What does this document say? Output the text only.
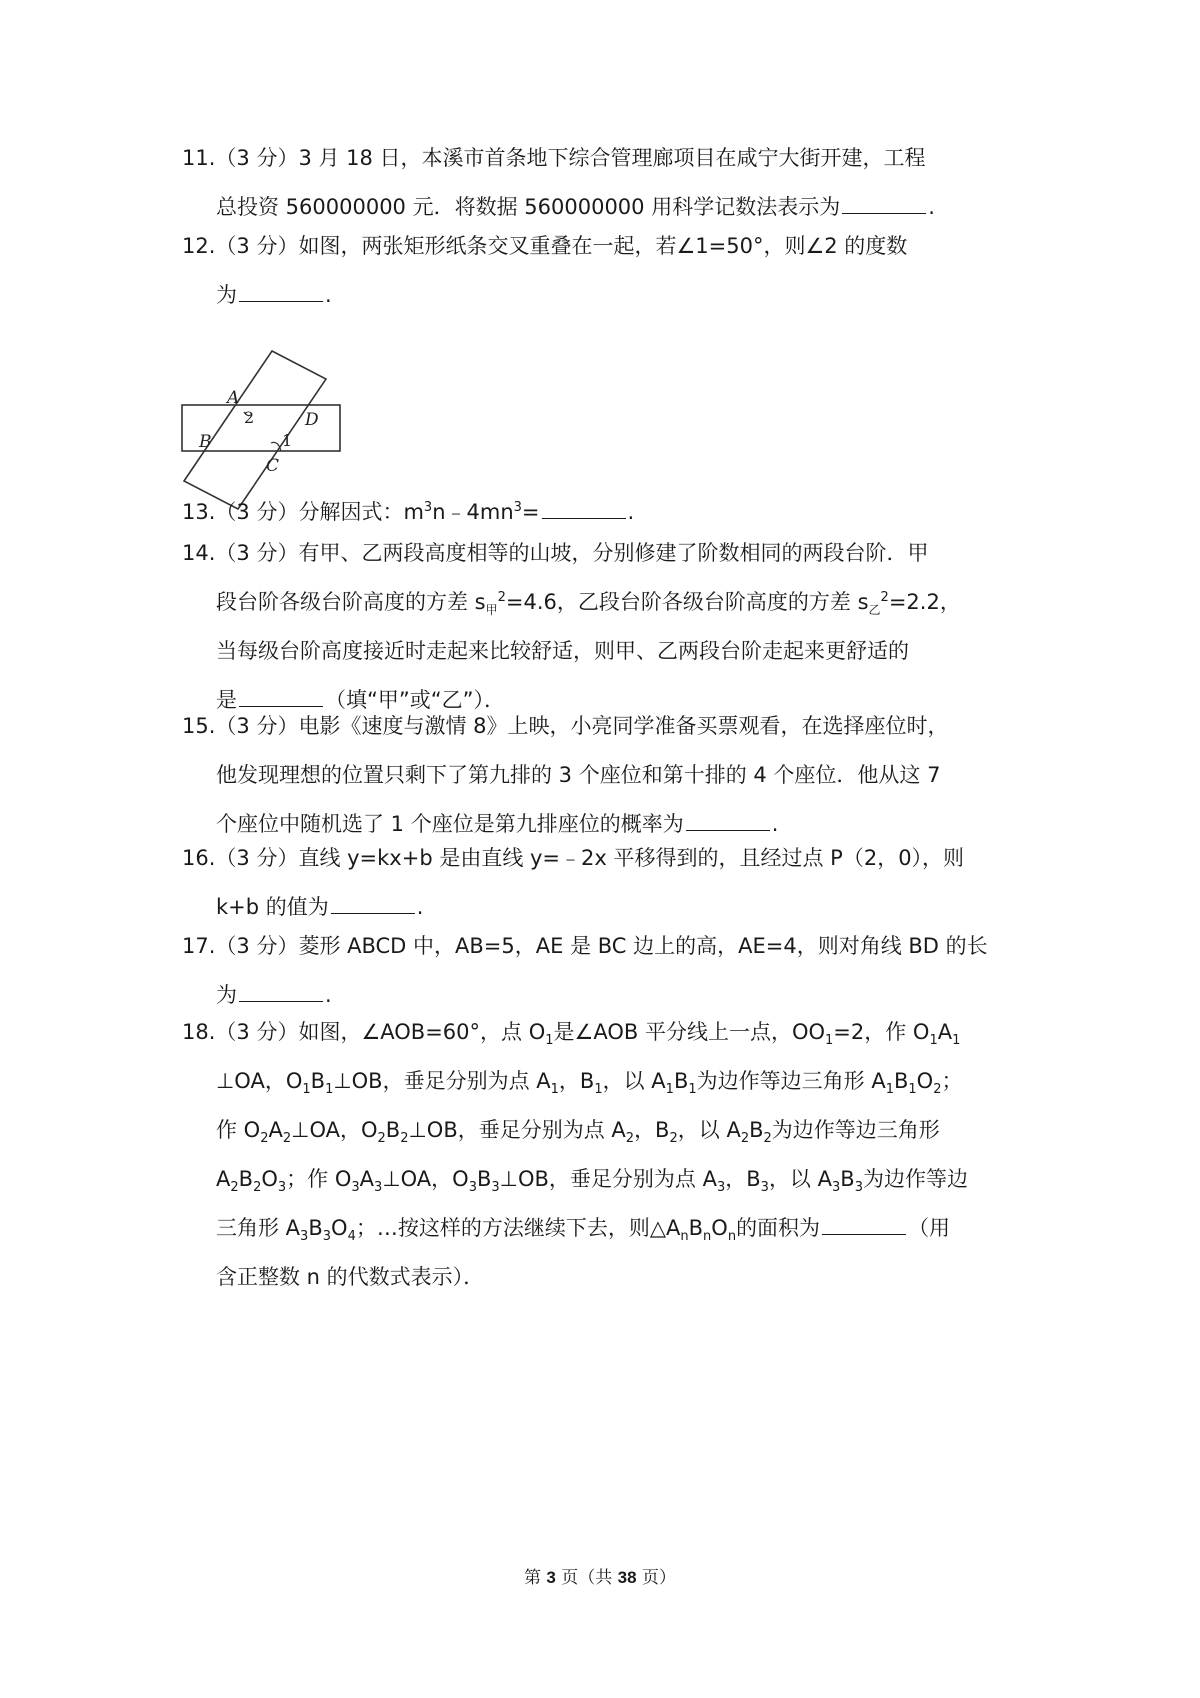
11.（3 分）3 月 18 日，本溪市首条地下综合管理廊项目在咸宁大街开建，工程
总投资 560000000 元．将数据 560000000 用科学记数法表示为	.
12.（3 分）如图，两张矩形纸条交叉重叠在一起，若∠1=50°，则∠2 的度数
为	.
A
2	D
B	1
C
13.（3 分）分解因式：$m^3n﹣4mn^3=$	.
14.（3 分）有甲、乙两段高度相等的山坡，分别修建了阶数相同的两段台阶．甲
段台阶各级台阶高度的方差 $s_甲^2=4.6$，乙段台阶各级台阶高度的方差 $s_乙^2=2.2$，
当每级台阶高度接近时走起来比较舒适，则甲、乙两段台阶走起来更舒适的
是	（填“甲”或“乙”）．
15.（3 分）电影《速度与激情 8》上映，小亮同学准备买票观看，在选择座位时，
他发现理想的位置只剩下了第九排的 3 个座位和第十排的 4 个座位．他从这 7
个座位中随机选了 1 个座位是第九排座位的概率为	.
16.（3 分）直线 y=kx+b 是由直线 y=﹣2x 平移得到的，且经过点 P（2，0），则
k+b 的值为	.
17.（3 分）菱形 ABCD 中，AB=5，AE 是 BC 边上的高，AE=4，则对角线 BD 的长
为	.
18.（3 分）如图，∠AOB=60°，点 $O_1$是∠AOB 平分线上一点，$OO_1=2$，作 $O_1A_1$
⊥OA，$O_1B_1\perp OB$，垂足分别为点 $A_1$，$B_1$，以 $A_1B_1$为边作等边三角形 $A_1B_1O_2$；
作 $O_2A_2\perp OA$，$O_2B_2\perp OB$，垂足分别为点 $A_2$，$B_2$，以 $A_2B_2$为边作等边三角形
$A_2B_2O_3$；作 $O_3A_3\perp OA$，$O_3B_3\perp OB$，垂足分别为点 $A_3$，$B_3$，以 $A_3B_3$为边作等边
三角形 $A_3B_3O_4$；…按这样的方法继续下去，则$\triangle A_nB_nO_n$的面积为	（用
含正整数 n 的代数式表示）．
第 3 页（共 38 页）
